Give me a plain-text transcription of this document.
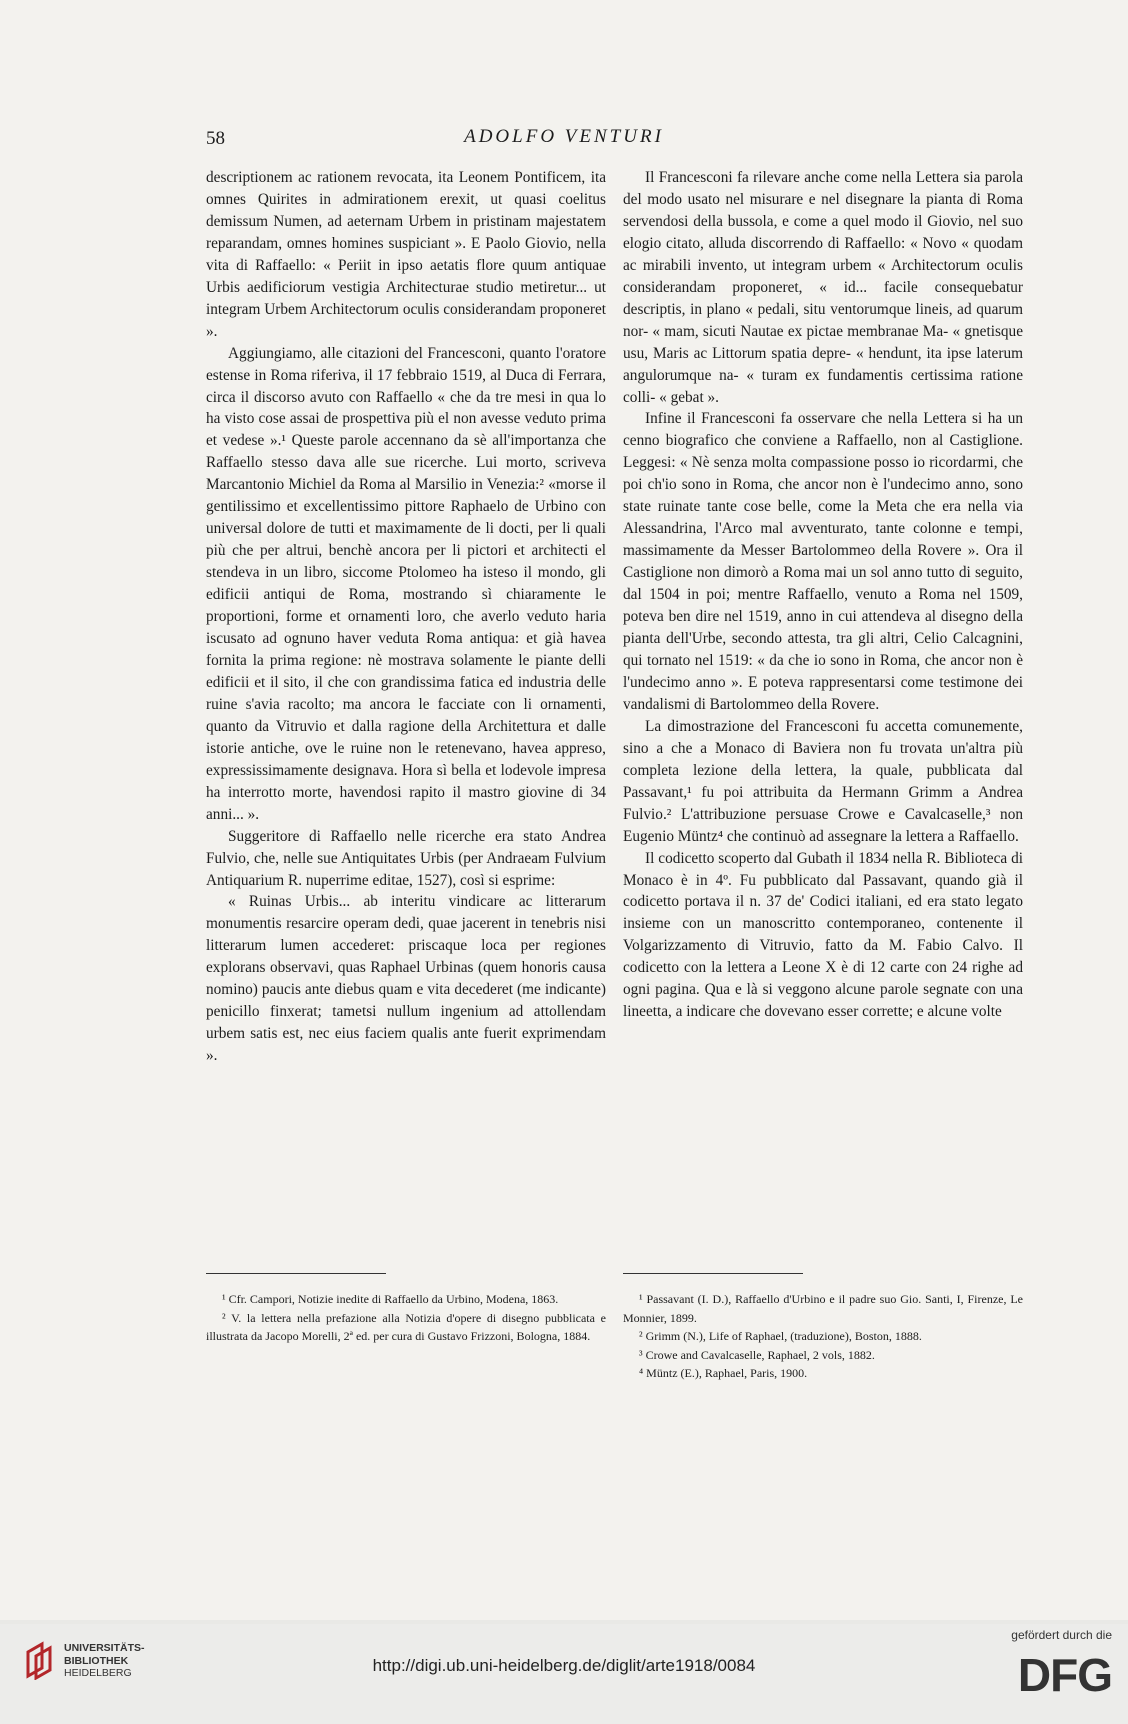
58	ADOLFO VENTURI

descriptionem ac rationem revocata, ita Leonem Pontificem, ita omnes Quirites in admirationem erexit, ut quasi coelitus demissum Numen, ad aeternam Urbem in pristinam majestatem reparandam, omnes homines suspiciant ». E Paolo Giovio, nella vita di Raffaello: « Periit in ipso aetatis flore quum antiquae Urbis aedificiorum vestigia Architecturae studio metiretur... ut integram Urbem Architectorum oculis considerandam proponeret ».

Aggiungiamo, alle citazioni del Francesconi, quanto l'oratore estense in Roma riferiva, il 17 febbraio 1519, al Duca di Ferrara, circa il discorso avuto con Raffaello « che da tre mesi in qua lo ha visto cose assai de prospettiva più el non avesse veduto prima et vedese ».¹ Queste parole accennano da sè all'importanza che Raffaello stesso dava alle sue ricerche. Lui morto, scriveva Marcantonio Michiel da Roma al Marsilio in Venezia:² «morse il gentilissimo et excellentissimo pittore Raphaelo de Urbino con universal dolore de tutti et maximamente de li docti, per li quali più che per altrui, benchè ancora per li pictori et architecti el stendeva in un libro, siccome Ptolomeo ha isteso il mondo, gli edificii antiqui de Roma, mostrando sì chiaramente le proportioni, forme et ornamenti loro, che averlo veduto haria iscusato ad ognuno haver veduta Roma antiqua: et già havea fornita la prima regione: nè mostrava solamente le piante delli edificii et il sito, il che con grandissima fatica ed industria delle ruine s'avia racolto; ma ancora le facciate con li ornamenti, quanto da Vitruvio et dalla ragione della Architettura et dalle istorie antiche, ove le ruine non le retenevano, havea appreso, expressissimamente designava. Hora sì bella et lodevole impresa ha interrotto morte, havendosi rapito il mastro giovine di 34 anni... ».

Suggeritore di Raffaello nelle ricerche era stato Andrea Fulvio, che, nelle sue Antiquitates Urbis (per Andraeam Fulvium Antiquarium R. nuperrime editae, 1527), così si esprime:

« Ruinas Urbis... ab interitu vindicare ac litterarum monumentis resarcire operam dedi, quae jacerent in tenebris nisi litterarum lumen accederet: priscaque loca per regiones explorans observavi, quas Raphael Urbinas (quem honoris causa nomino) paucis ante diebus quam e vita decederet (me indicante) penicillo finxerat; tametsi nullum ingenium ad attollendam urbem satis est, nec eius faciem qualis ante fuerit exprimendam ».

Il Francesconi fa rilevare anche come nella Lettera sia parola del modo usato nel misurare e nel disegnare la pianta di Roma servendosi della bussola, e come a quel modo il Giovio, nel suo elogio citato, alluda discorrendo di Raffaello: « Novo « quodam ac mirabili invento, ut integram urbem « Architectorum oculis considerandam proponeret, « id... facile consequebatur descriptis, in plano « pedali, situ ventorumque lineis, ad quarum nor- « mam, sicuti Nautae ex pictae membranae Ma- « gnetisque usu, Maris ac Littorum spatia depre- « hendunt, ita ipse laterum angulorumque na- « turam ex fundamentis certissima ratione colli- « gebat ».

Infine il Francesconi fa osservare che nella Lettera si ha un cenno biografico che conviene a Raffaello, non al Castiglione. Leggesi: « Nè senza molta compassione posso io ricordarmi, che poi ch'io sono in Roma, che ancor non è l'undecimo anno, sono state ruinate tante cose belle, come la Meta che era nella via Alessandrina, l'Arco mal avventurato, tante colonne e tempi, massimamente da Messer Bartolommeo della Rovere ». Ora il Castiglione non dimorò a Roma mai un sol anno tutto di seguito, dal 1504 in poi; mentre Raffaello, venuto a Roma nel 1509, poteva ben dire nel 1519, anno in cui attendeva al disegno della pianta dell'Urbe, secondo attesta, tra gli altri, Celio Calcagnini, qui tornato nel 1519: « da che io sono in Roma, che ancor non è l'undecimo anno ». E poteva rappresentarsi come testimone dei vandalismi di Bartolommeo della Rovere.

La dimostrazione del Francesconi fu accetta comunemente, sino a che a Monaco di Baviera non fu trovata un'altra più completa lezione della lettera, la quale, pubblicata dal Passavant,¹ fu poi attribuita da Hermann Grimm a Andrea Fulvio.² L'attribuzione persuase Crowe e Cavalcaselle,³ non Eugenio Müntz⁴ che continuò ad assegnare la lettera a Raffaello.

Il codicetto scoperto dal Gubath il 1834 nella R. Biblioteca di Monaco è in 4º. Fu pubblicato dal Passavant, quando già il codicetto portava il n. 37 de' Codici italiani, ed era stato legato insieme con un manoscritto contemporaneo, contenente il Volgarizzamento di Vitruvio, fatto da M. Fabio Calvo. Il codicetto con la lettera a Leone X è di 12 carte con 24 righe ad ogni pagina. Qua e là si veggono alcune parole segnate con una lineetta, a indicare che dovevano esser corrette; e alcune volte

¹ Cfr. Campori, Notizie inedite di Raffaello da Urbino, Modena, 1863.

² V. la lettera nella prefazione alla Notizia d'opere di disegno pubblicata e illustrata da Jacopo Morelli, 2ª ed. per cura di Gustavo Frizzoni, Bologna, 1884.

¹ Passavant (I. D.), Raffaello d'Urbino e il padre suo Gio. Santi, I, Firenze, Le Monnier, 1899.

² Grimm (N.), Life of Raphael, (traduzione), Boston, 1888.

³ Crowe and Cavalcaselle, Raphael, 2 vols, 1882.

⁴ Müntz (E.), Raphael, Paris, 1900.

UNIVERSITÄTS-
BIBLIOTHEK
HEIDELBERG	http://digi.ub.uni-heidelberg.de/diglit/arte1918/0084
gefördert durch die
DFG
